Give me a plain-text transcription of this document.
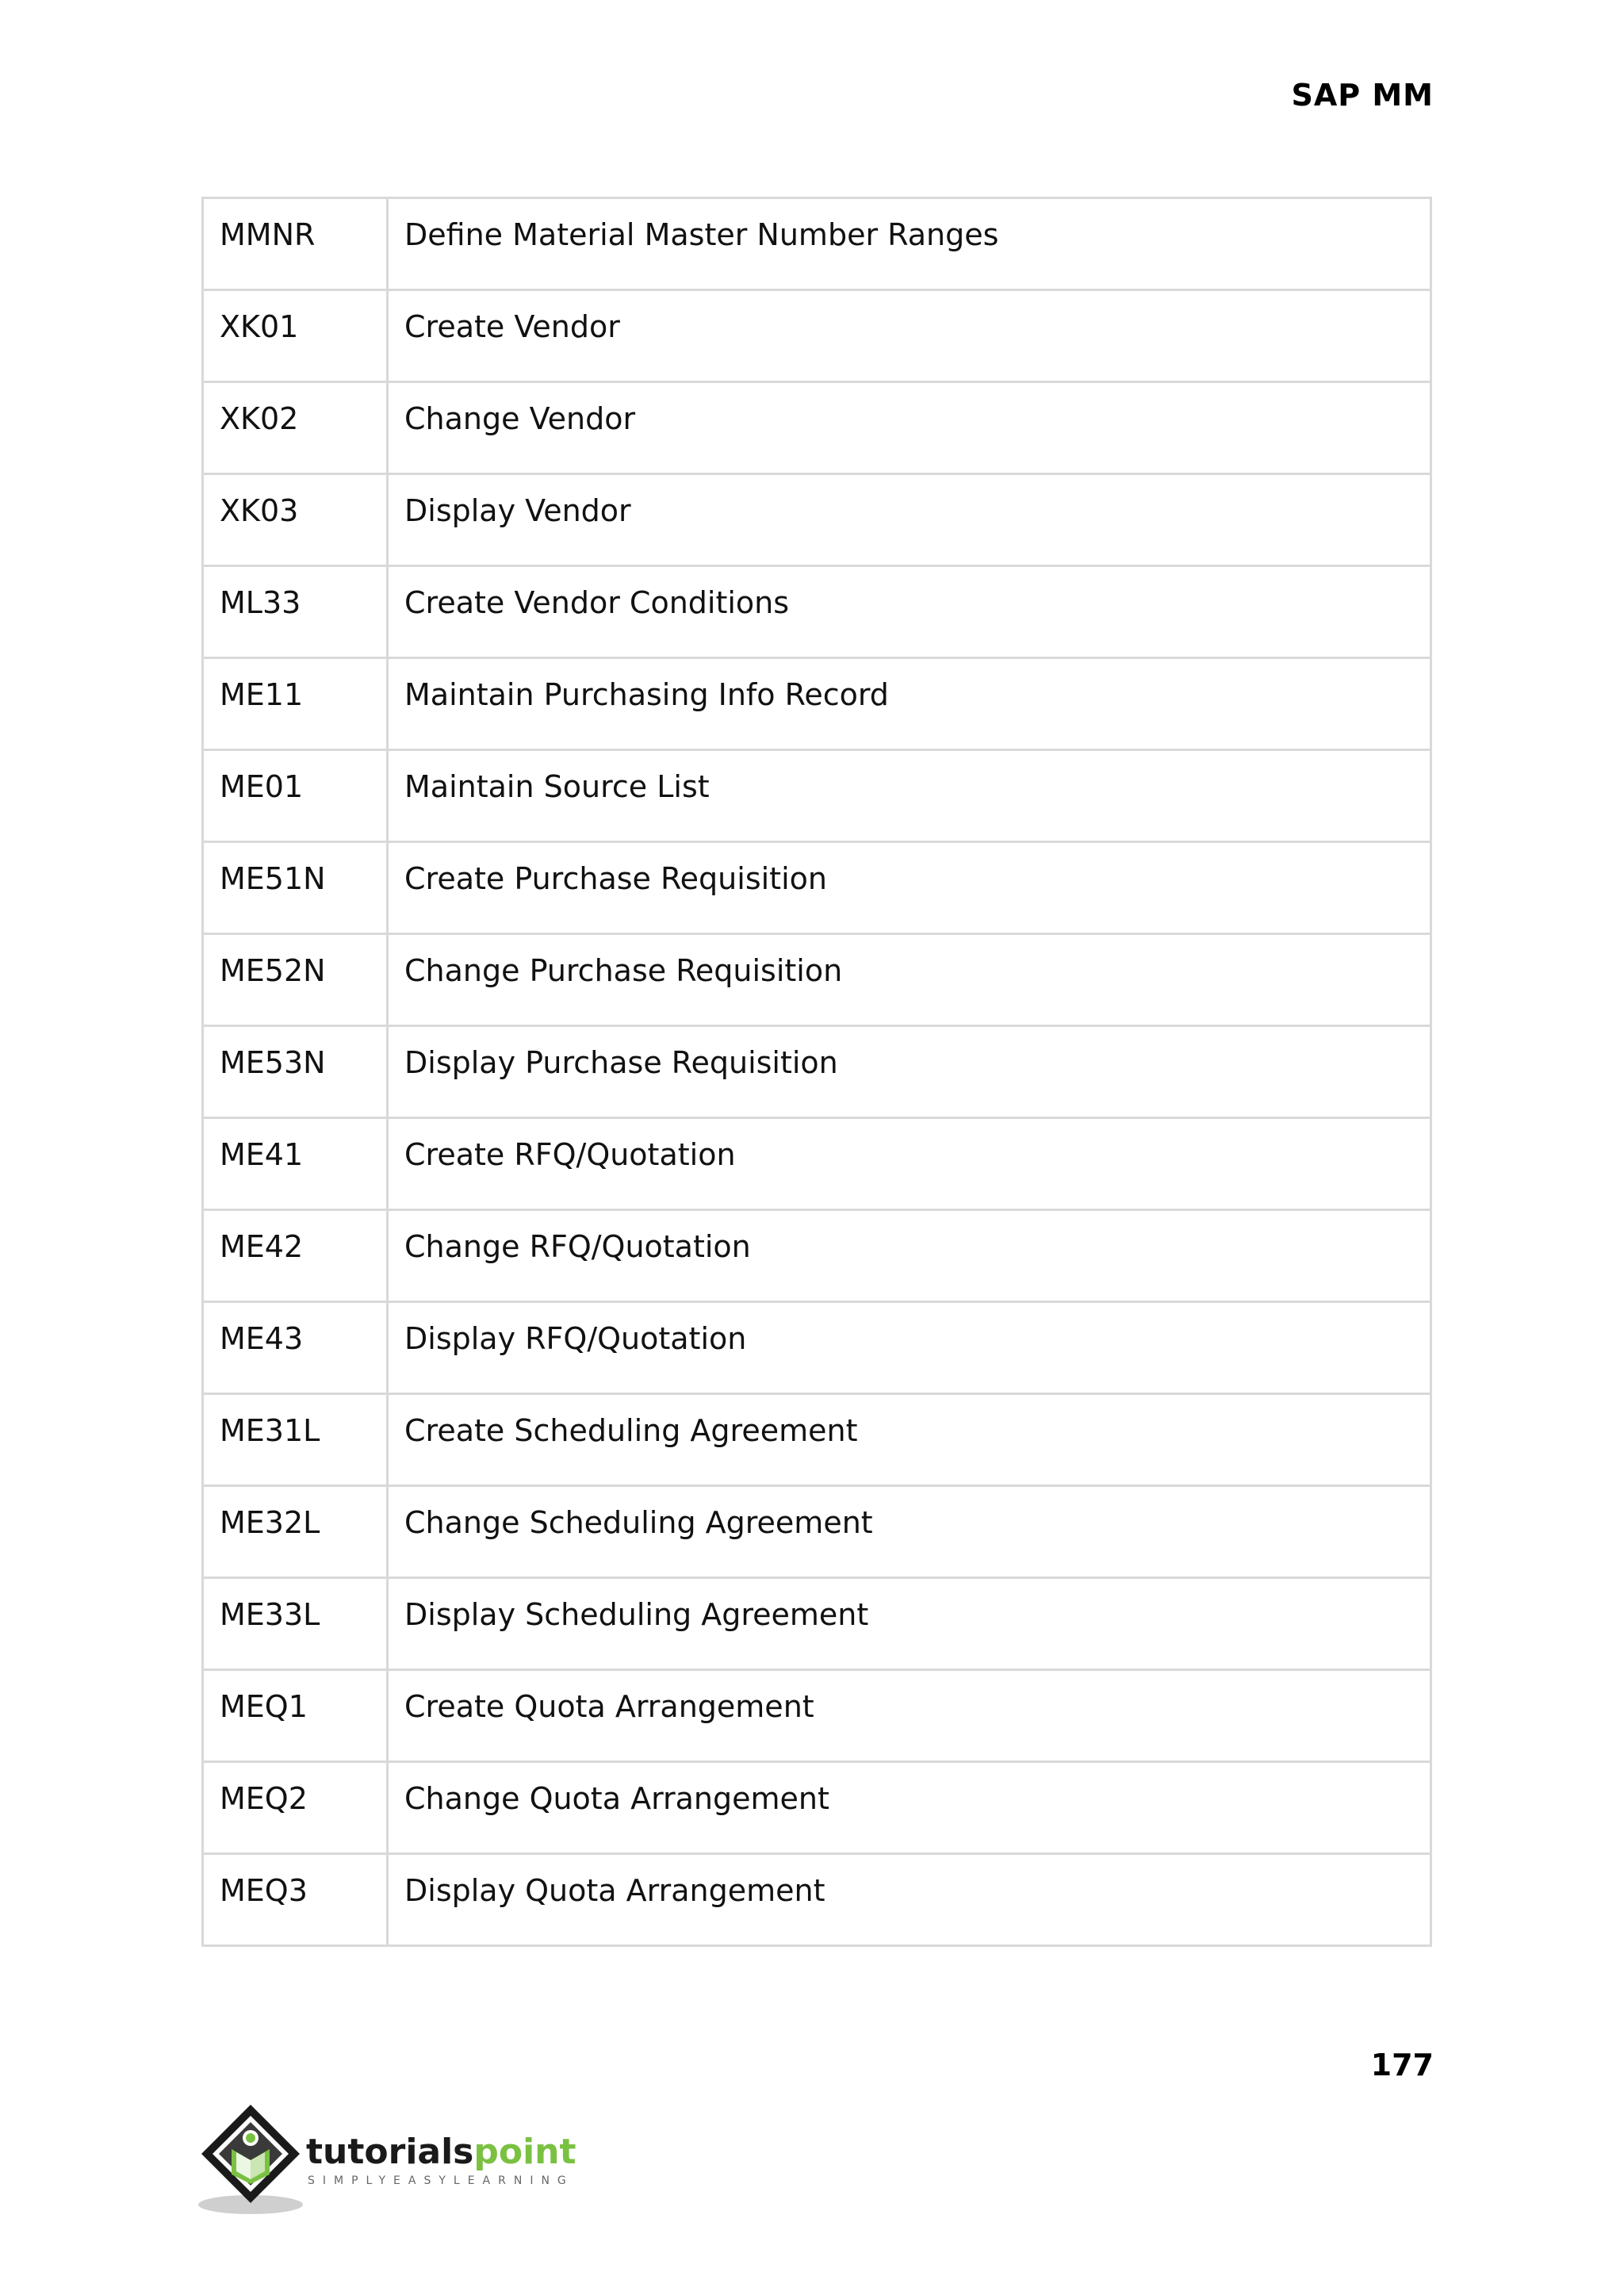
SAP MM
MMNR	Define Material Master Number Ranges
XK01	Create Vendor
XK02	Change Vendor
XK03	Display Vendor
ML33	Create Vendor Conditions
ME11	Maintain Purchasing Info Record
ME01	Maintain Source List
ME51N	Create Purchase Requisition
ME52N	Change Purchase Requisition
ME53N	Display Purchase Requisition
ME41	Create RFQ/Quotation
ME42	Change RFQ/Quotation
ME43	Display RFQ/Quotation
ME31L	Create Scheduling Agreement
ME32L	Change Scheduling Agreement
ME33L	Display Scheduling Agreement
MEQ1	Create Quota Arrangement
MEQ2	Change Quota Arrangement
MEQ3	Display Quota Arrangement
177
tutorialspoint
SIMPLYEASYLEARNING
